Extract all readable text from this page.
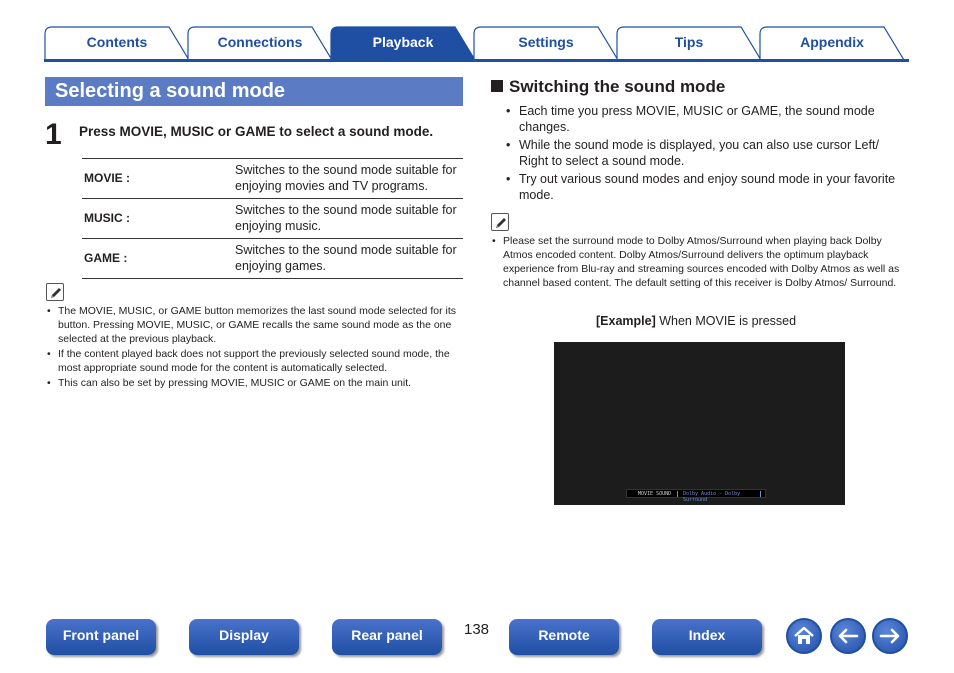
Contents	Connections	Playback	Settings	Tips	Appendix
Selecting a sound mode
1 Press MOVIE, MUSIC or GAME to select a sound mode.
MOVIE :	Switches to the sound mode suitable for enjoying movies and TV programs.
MUSIC :	Switches to the sound mode suitable for enjoying music.
GAME :	Switches to the sound mode suitable for enjoying games.
• The MOVIE, MUSIC, or GAME button memorizes the last sound mode selected for its button. Pressing MOVIE, MUSIC, or GAME recalls the same sound mode as the one selected at the previous playback.
• If the content played back does not support the previously selected sound mode, the most appropriate sound mode for the content is automatically selected.
• This can also be set by pressing MOVIE, MUSIC or GAME on the main unit.
Switching the sound mode
• Each time you press MOVIE, MUSIC or GAME, the sound mode changes.
• While the sound mode is displayed, you can also use cursor Left/ Right to select a sound mode.
• Try out various sound modes and enjoy sound mode in your favorite mode.
• Please set the surround mode to Dolby Atmos/Surround when playing back Dolby Atmos encoded content. Dolby Atmos/Surround delivers the optimum playback experience from Blu-ray and streaming sources encoded with Dolby Atmos as well as channel based content. The default setting of this receiver is Dolby Atmos/ Surround.
[Example] When MOVIE is pressed
MOVIE SOUND Dolby Audio - Dolby Surround
Front panel	Display	Rear panel	138	Remote	Index
